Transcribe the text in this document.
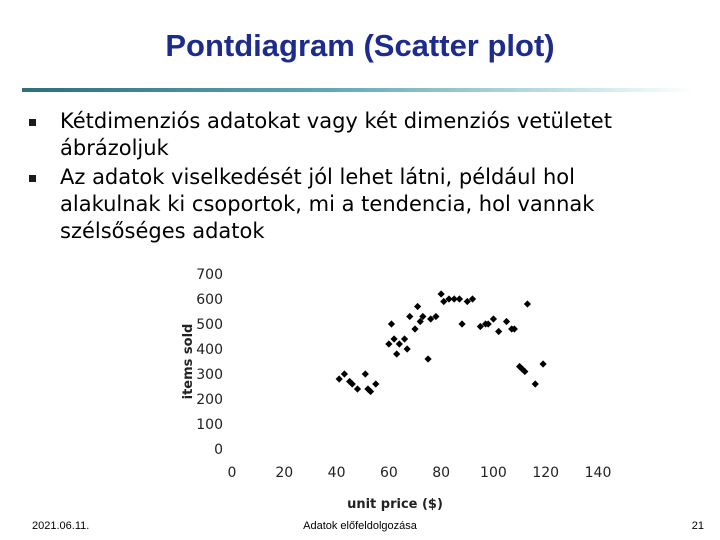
Pontdiagram (Scatter plot)
Kétdimenziós adatokat vagy két dimenziós vetületet ábrázoljuk
Az adatok viselkedését jól lehet látni, például hol alakulnak ki csoportok, mi a tendencia, hol vannak szélsőséges adatok
0
100
200
300
400
500
600
700
0	20 40 60 80 100 120 140
items sold
unit price ($)
Adatok előfeldolgozása
2021.06.11.	21
